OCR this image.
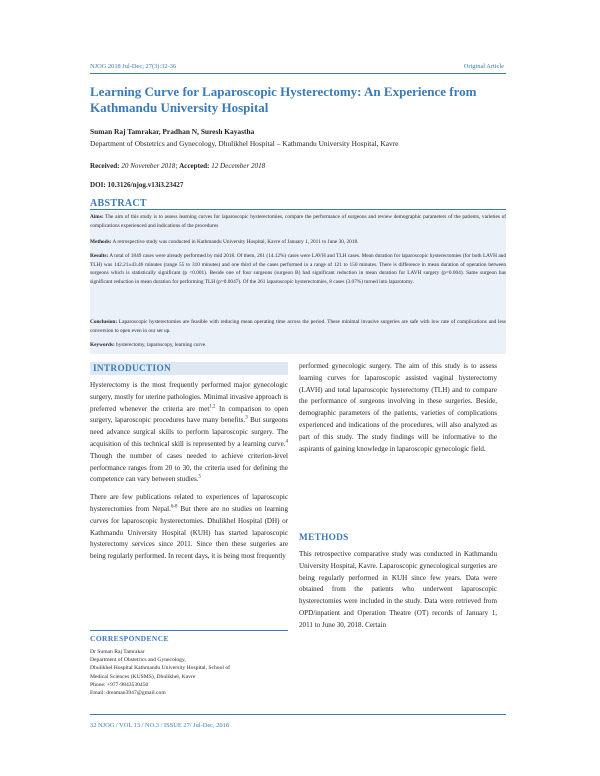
NJOG 2018 Jul-Dec; 27(3):32-36	Original Article
Learning Curve for Laparoscopic Hysterectomy: An Experience from Kathmandu University Hospital
Suman Raj Tamrakar, Pradhan N, Suresh Kayastha
Department of Obstetrics and Gynecology, Dhulikhel Hospital – Kathmandu University Hospital, Kavre
Received: 20 November 2018; Accepted: 12 December 2018
DOI: 10.3126/njog.v13i3.23427
ABSTRACT
Aims: The aim of this study is to assess learning curves for laparoscopic hysterectomies, compare the performance of surgeons and review demographic parameters of the patients, varieties of complications experienced and indications of the procedures
Methods: A retrospective study was conducted in Kathmandu University Hospital, Kavre of January 1, 2011 to June 30, 2018.
Results: A total of 1849 cases were already performed by mid 2018. Of them, 261 (14.12%) cases were LAVH and TLH cases. Mean duration for laparoscopic hysterectomies (for both LAVH and TLH) was 142.21±43.46 minutes (range 55 to 310 minutes) and one third of the cases performed in a range of 121 to 150 minutes. There is difference in mean duration of operation between surgeons which is statistically significant (p <0.001). Beside one of four surgeons (surgeon B) had significant reduction in mean duration for LAVH surgery (p=0.004). Same surgeon has significant reduction in mean duration for performing TLH (p=0.0047). Of the 261 laparoscopic hysterectomies, 8 cases (3.07%) turned into laparotomy.
Conclusion: Laparoscopic hysterectomies are feasible with reducing mean operating time across the period. These minimal invasive surgeries are safe with low rate of complications and less conversion to open even in our set up.
Keywords: hysterectomy, laparoscopy, learning curve.
INTRODUCTION

Hysterectomy is the most frequently performed major gynecologic surgery, mostly for uterine pathologies. Minimal invasive approach is preferred whenever the criteria are met$^{1,2}$ In comparison to open surgery, laparoscopic procedures have many benefits.$^3$ But surgeons need advance surgical skills to perform laparoscopic surgery. The acquisition of this technical skill is represented by a learning curve.$^4$ Though the number of cases needed to achieve criterion-level performance ranges from 20 to 30, the criteria used for defining the competence can vary between studies.$^5$

There are few publications related to experiences of laparoscopic hysterectomies from Nepal.$^{6-8}$ But there are no studies on learning curves for laparoscopic hysterectomies. Dhulikhel Hospital (DH) or Kathmandu University Hospital (KUH) has started laparoscopic hysterectomy services since 2011. Since then these surgeries are being regularly performed. In recent days, it is being most frequently

performed gynecologic surgery. The aim of this study is to assess learning curves for laparoscopic assisted vaginal hysterectomy (LAVH) and total laparoscopic hysterectomy (TLH) and to compare the performance of surgeons involving in these surgeries. Beside, demographic parameters of the patients, varieties of complications experienced and indications of the procedures, will also analyzed as part of this study. The study findings will be informative to the aspirants of gaining knowledge in laparoscopic gynecologic field.

METHODS

This retrospective comparative study was conducted in Kathmandu University Hospital, Kavre. Laparoscopic gynecological surgeries are being regularly performed in KUH since few years. Data were obtained from the patients who underwent laparoscopic hysterectomies were included in the study. Data were retrieved from OPD/inpatient and Operation Theatre (OT) records of January 1, 2011 to June 30, 2018. Certain

CORRESPONDENCE
Dr Suman Raj Tamrakar
Department of Obstetrics and Gynecology,
Dhulikhel Hospital Kathmandu University Hospital, School of
Medical Sciences (KUSMS), Dhulikhel, Kavre
Phone: +977-9843530450
Email: dreaman3947@gmail.com
32 NJOG / VOL 13 / NO.3 / ISSUE 27/ Jul-Dec, 2018
